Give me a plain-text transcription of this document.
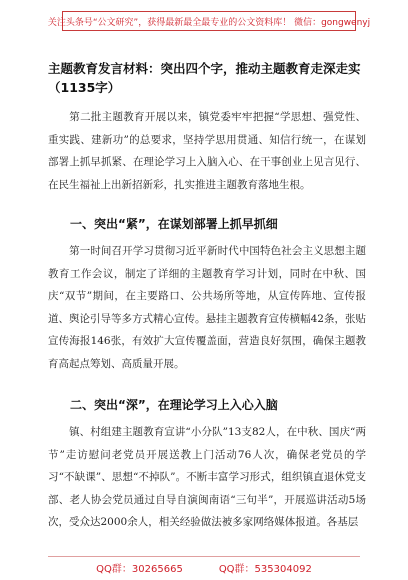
关注头条号“公文研究”，获得最新最全最专业的公文资料库！ 微信：gongwenyj
主题教育发言材料：突出四个字，推动主题教育走深走实
（1135字）
第二批主题教育开展以来，镇党委牢牢把握“学思想、强党性、重实践、建新功”的总要求，坚持学思用贯通、知信行统一，在谋划部署上抓早抓紧、在理论学习上入脑入心、在干事创业上见言见行、在民生福祉上出新招新彩，扎实推进主题教育落地生根。
一、突出“紧”，在谋划部署上抓早抓细
第一时间召开学习贯彻习近平新时代中国特色社会主义思想主题教育工作会议，制定了详细的主题教育学习计划，同时在中秋、国庆“双节”期间，在主要路口、公共场所等地，从宣传阵地、宣传报道、舆论引导等多方式精心宣传。悬挂主题教育宣传横幅42条，张贴宣传海报146张，有效扩大宣传覆盖面，营造良好氛围，确保主题教育高起点筹划、高质量开展。
二、突出“深”，在理论学习上入心入脑
镇、村组建主题教育宣讲“小分队”13支82人，在中秋、国庆“两节”走访慰问老党员开展送教上门活动76人次，确保老党员的学习“不缺课”、思想“不掉队”。不断丰富学习形式，组织镇直退休党支部、老人协会党员通过自导自演闽南语“三句半”，开展巡讲活动5场次，受众达2000余人，相关经验做法被多家网络媒体报道。各基层
QQ群：30265665	QQ群：535304092
